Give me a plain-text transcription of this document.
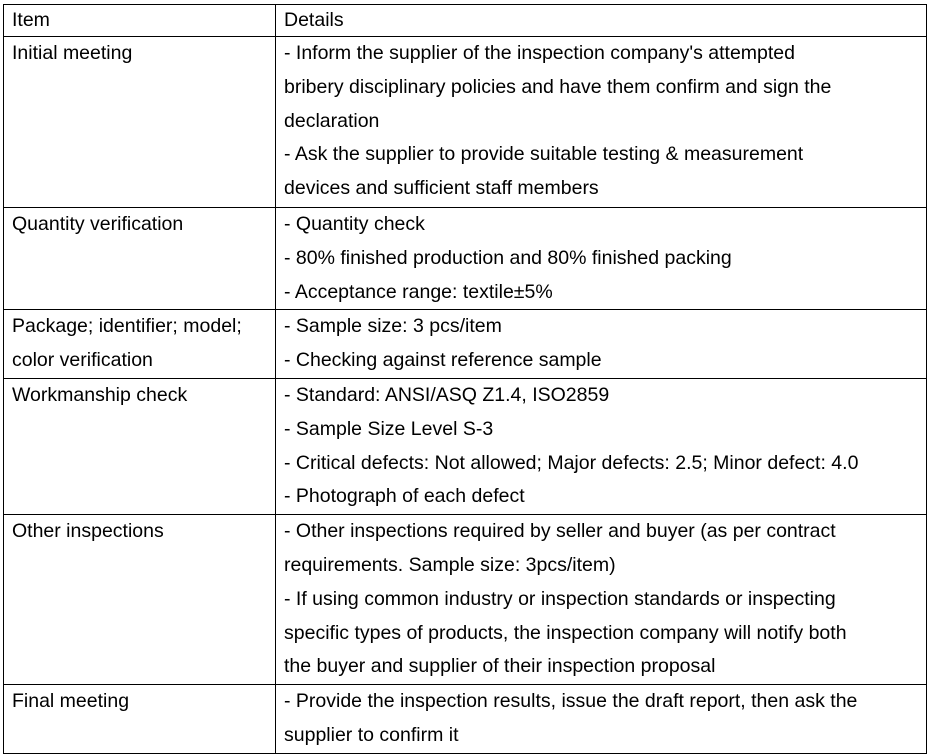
Item	Details

Initial meeting	- Inform the supplier of the inspection company's attempted
bribery disciplinary policies and have them confirm and sign the
declaration
- Ask the supplier to provide suitable testing & measurement
devices and sufficient staff members

Quantity verification	- Quantity check
- 80% finished production and 80% finished packing
- Acceptance range: textile±5%

Package; identifier; model;
color verification	- Sample size: 3 pcs/item
- Checking against reference sample

Workmanship check	- Standard: ANSI/ASQ Z1.4, ISO2859
- Sample Size Level S-3
- Critical defects: Not allowed; Major defects: 2.5; Minor defect: 4.0
- Photograph of each defect

Other inspections	- Other inspections required by seller and buyer (as per contract
requirements. Sample size: 3pcs/item)
- If using common industry or inspection standards or inspecting
specific types of products, the inspection company will notify both
the buyer and supplier of their inspection proposal

Final meeting	- Provide the inspection results, issue the draft report, then ask the
supplier to confirm it
